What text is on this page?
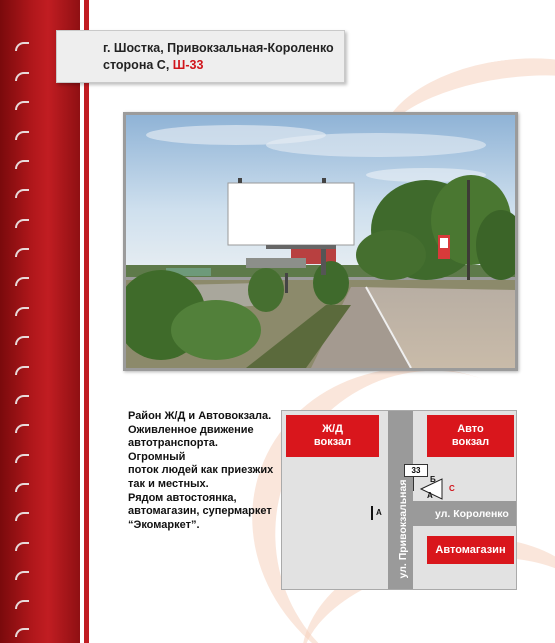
г. Шостка, Привокзальная-Короленко
сторона С, Ш-33

Район Ж/Д и Автовокзала.

Оживленное движение

автотранспорта.

Огромный

поток людей как приезжих

так и местных.

Рядом автостоянка,

автомагазин, супермаркет

“Экомаркет”.

Ж/Д
вокзал
Авто
вокзал
Автомагазин
ул. Короленко
ул. Привокзальная
33
Б
А
С
А
